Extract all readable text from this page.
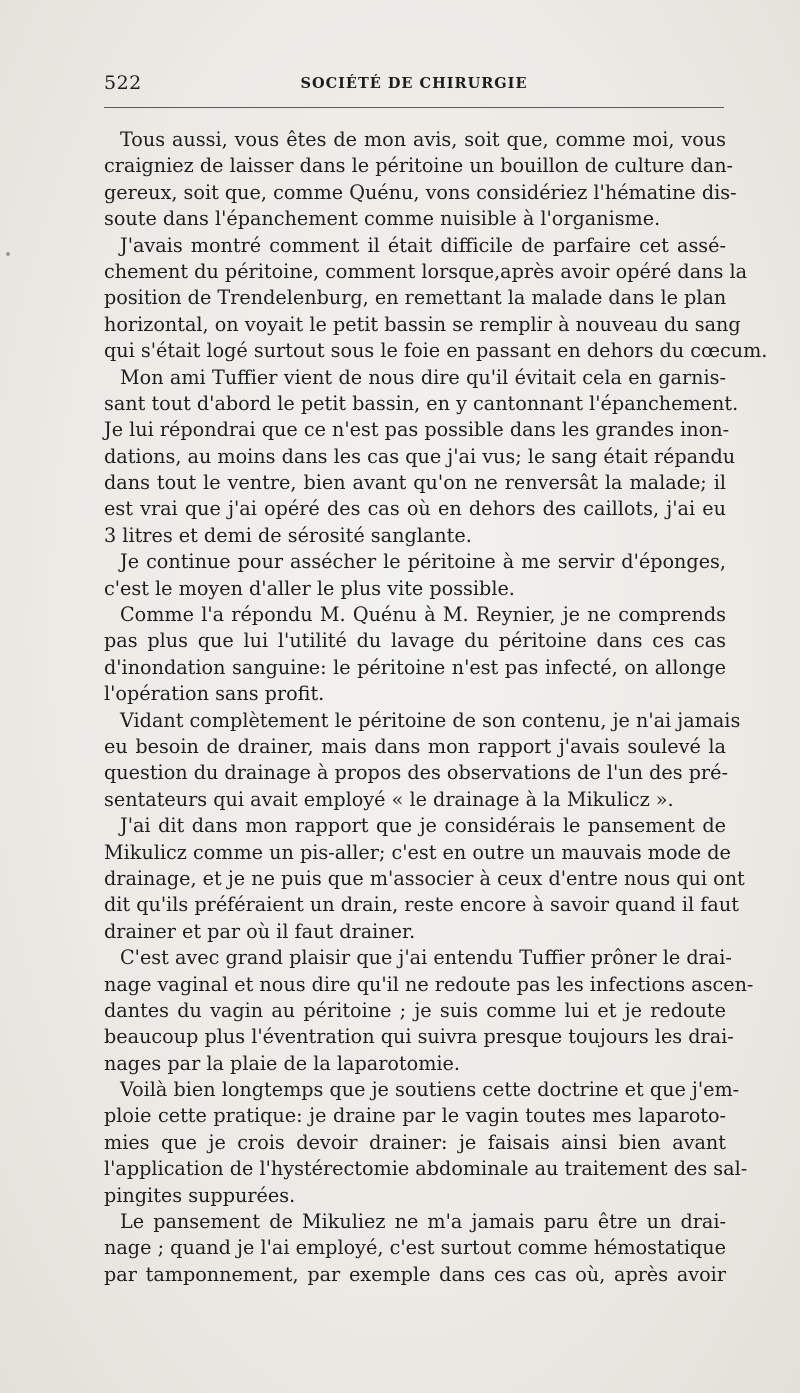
522	SOCIÉTÉ DE CHIRURGIE
Tous aussi, vous êtes de mon avis, soit que, comme moi, vous
craigniez de laisser dans le péritoine un bouillon de culture dan-
gereux, soit que, comme Quénu, vons considériez l'hématine dis-
soute dans l'épanchement comme nuisible à l'organisme.
J'avais montré comment il était difficile de parfaire cet assé-
chement du péritoine, comment lorsque,après avoir opéré dans la
position de Trendelenburg, en remettant la malade dans le plan
horizontal, on voyait le petit bassin se remplir à nouveau du sang
qui s'était logé surtout sous le foie en passant en dehors du cœcum.
Mon ami Tuffier vient de nous dire qu'il évitait cela en garnis-
sant tout d'abord le petit bassin, en y cantonnant l'épanchement.
Je lui répondrai que ce n'est pas possible dans les grandes inon-
dations, au moins dans les cas que j'ai vus; le sang était répandu
dans tout le ventre, bien avant qu'on ne renversât la malade; il
est vrai que j'ai opéré des cas où en dehors des caillots, j'ai eu
3 litres et demi de sérosité sanglante.
Je continue pour assécher le péritoine à me servir d'éponges,
c'est le moyen d'aller le plus vite possible.
Comme l'a répondu M. Quénu à M. Reynier, je ne comprends
pas plus que lui l'utilité du lavage du péritoine dans ces cas
d'inondation sanguine: le péritoine n'est pas infecté, on allonge
l'opération sans profit.
Vidant complètement le péritoine de son contenu, je n'ai jamais
eu besoin de drainer, mais dans mon rapport j'avais soulevé la
question du drainage à propos des observations de l'un des pré-
sentateurs qui avait employé « le drainage à la Mikulicz ».
J'ai dit dans mon rapport que je considérais le pansement de
Mikulicz comme un pis-aller; c'est en outre un mauvais mode de
drainage, et je ne puis que m'associer à ceux d'entre nous qui ont
dit qu'ils préféraient un drain, reste encore à savoir quand il faut
drainer et par où il faut drainer.
C'est avec grand plaisir que j'ai entendu Tuffier prôner le drai-
nage vaginal et nous dire qu'il ne redoute pas les infections ascen-
dantes du vagin au péritoine ; je suis comme lui et je redoute
beaucoup plus l'éventration qui suivra presque toujours les drai-
nages par la plaie de la laparotomie.
Voilà bien longtemps que je soutiens cette doctrine et que j'em-
ploie cette pratique: je draine par le vagin toutes mes laparoto-
mies que je crois devoir drainer: je faisais ainsi bien avant
l'application de l'hystérectomie abdominale au traitement des sal-
pingites suppurées.
Le pansement de Mikuliez ne m'a jamais paru être un drai-
nage ; quand je l'ai employé, c'est surtout comme hémostatique
par tamponnement, par exemple dans ces cas où, après avoir
